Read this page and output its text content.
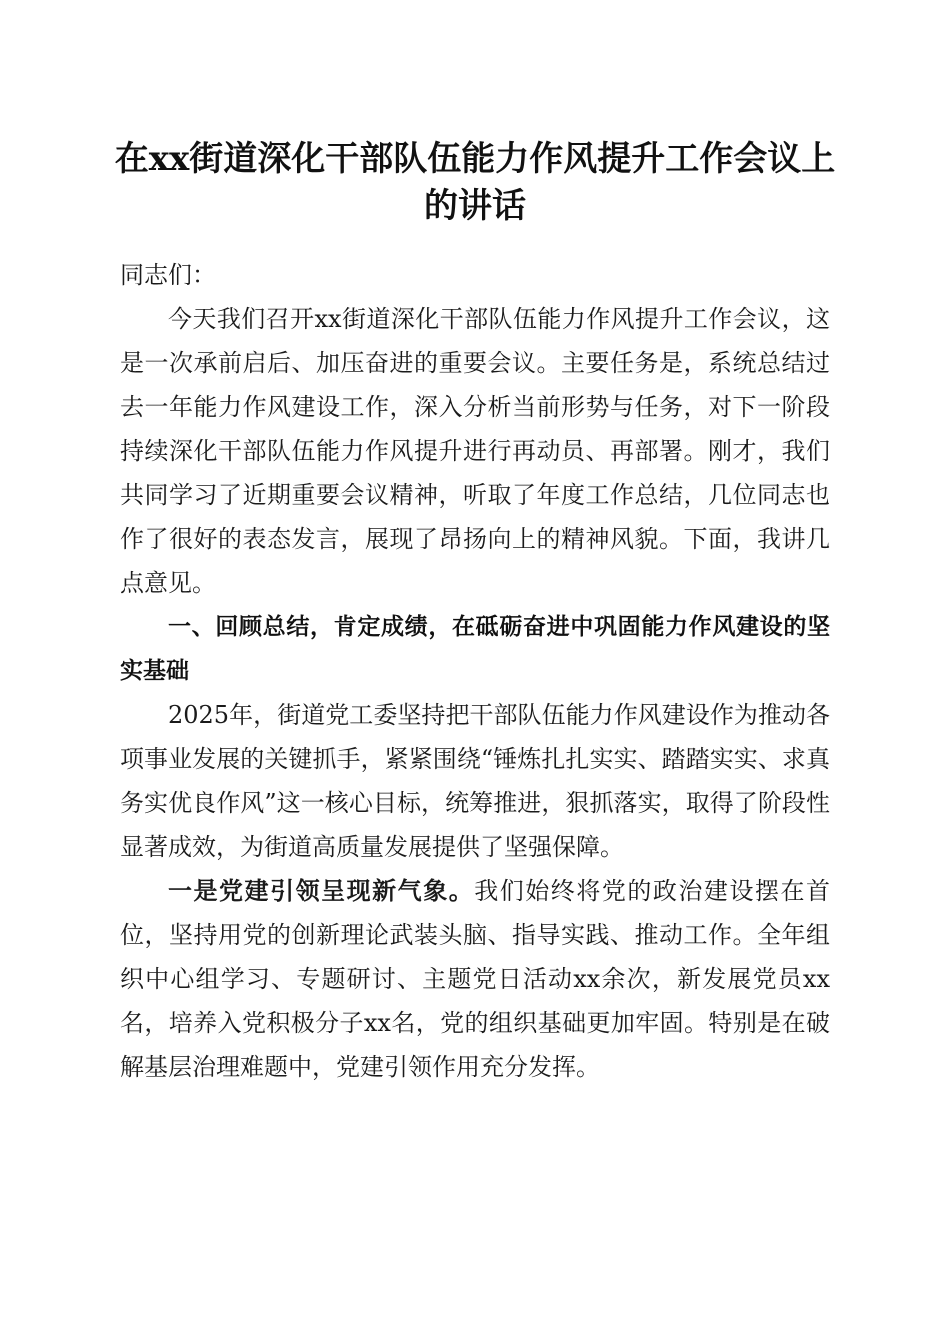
在xx街道深化干部队伍能力作风提升工作会议上的讲话

同志们：

今天我们召开xx街道深化干部队伍能力作风提升工作会议，这是一次承前启后、加压奋进的重要会议。主要任务是，系统总结过去一年能力作风建设工作，深入分析当前形势与任务，对下一阶段持续深化干部队伍能力作风提升进行再动员、再部署。刚才，我们共同学习了近期重要会议精神，听取了年度工作总结，几位同志也作了很好的表态发言，展现了昂扬向上的精神风貌。下面，我讲几点意见。

一、回顾总结，肯定成绩，在砥砺奋进中巩固能力作风建设的坚实基础

2025年，街道党工委坚持把干部队伍能力作风建设作为推动各项事业发展的关键抓手，紧紧围绕“锤炼扎扎实实、踏踏实实、求真务实优良作风”这一核心目标，统筹推进，狠抓落实，取得了阶段性显著成效，为街道高质量发展提供了坚强保障。

一是党建引领呈现新气象。我们始终将党的政治建设摆在首位，坚持用党的创新理论武装头脑、指导实践、推动工作。全年组织中心组学习、专题研讨、主题党日活动xx余次，新发展党员xx名，培养入党积极分子xx名，党的组织基础更加牢固。特别是在破解基层治理难题中，党建引领作用充分发挥。
